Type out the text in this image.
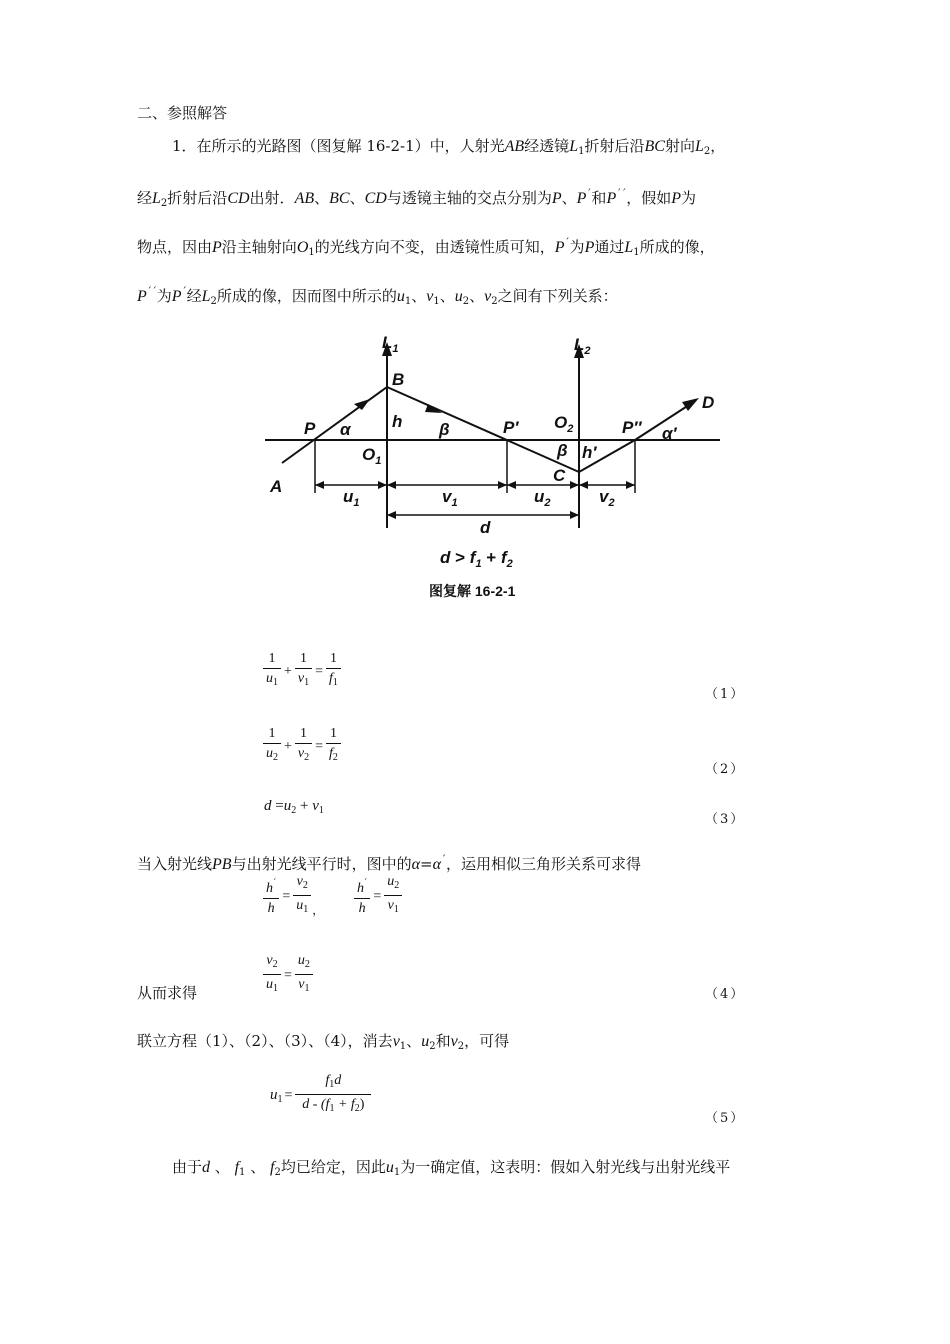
二、参照解答
1．在所示的光路图（图复解 16-2-1）中，人射光AB经透镜$L_1$折射后沿BC射向$L_2$，
经$L_2$折射后沿CD出射．AB、BC、CD与透镜主轴的交点分别为P、P´和P´´，假如P为
物点，因由P沿主轴射向$O_1$的光线方向不变，由透镜性质可知，P´为P通过$L_1$所成的像，
P´´为P´经$L_2$所成的像，因而图中所示的$u_1$、$v_1$、$u_2$、$v_2$之间有下列关系：
$L_1$	$L_2$
B
P α h β	P′ $O_2$
β h′
P″ α′
D
$O_1$
C
A
$u_1$	$v_1$	$u_2$	$v_2$
d
$d > f_1 + f_2$
图复解 16-2-1
$\frac{1}{u_1} + \frac{1}{v_1} = \frac{1}{f_1}$
（1）
$\frac{1}{u_2} + \frac{1}{v_2} = \frac{1}{f_2}$
（2）
$d =u_2 + v_1$
（3）
当入射光线PB与出射光线平行时，图中的α=α´，运用相似三角形关系可求得
$\frac{h^´}{h} = \frac{v_2}{u_1} _, \frac{h^´}{h} = \frac{u_2}{v_1}$
从而求得	$\frac{v_2}{u_1} = \frac{u_2}{v_1}$	（4）
联立方程（1）、（2）、（3）、（4），消去$v_1$、$u_2$和$v_2$，可得
$u_1 = \frac{f_1d}{d - (f_1 + f_2)}$	（5）
由于d 、 $f_1$ 、 $f_2$均已给定，因此$u_1$为一确定值，这表明：假如入射光线与出射光线平
